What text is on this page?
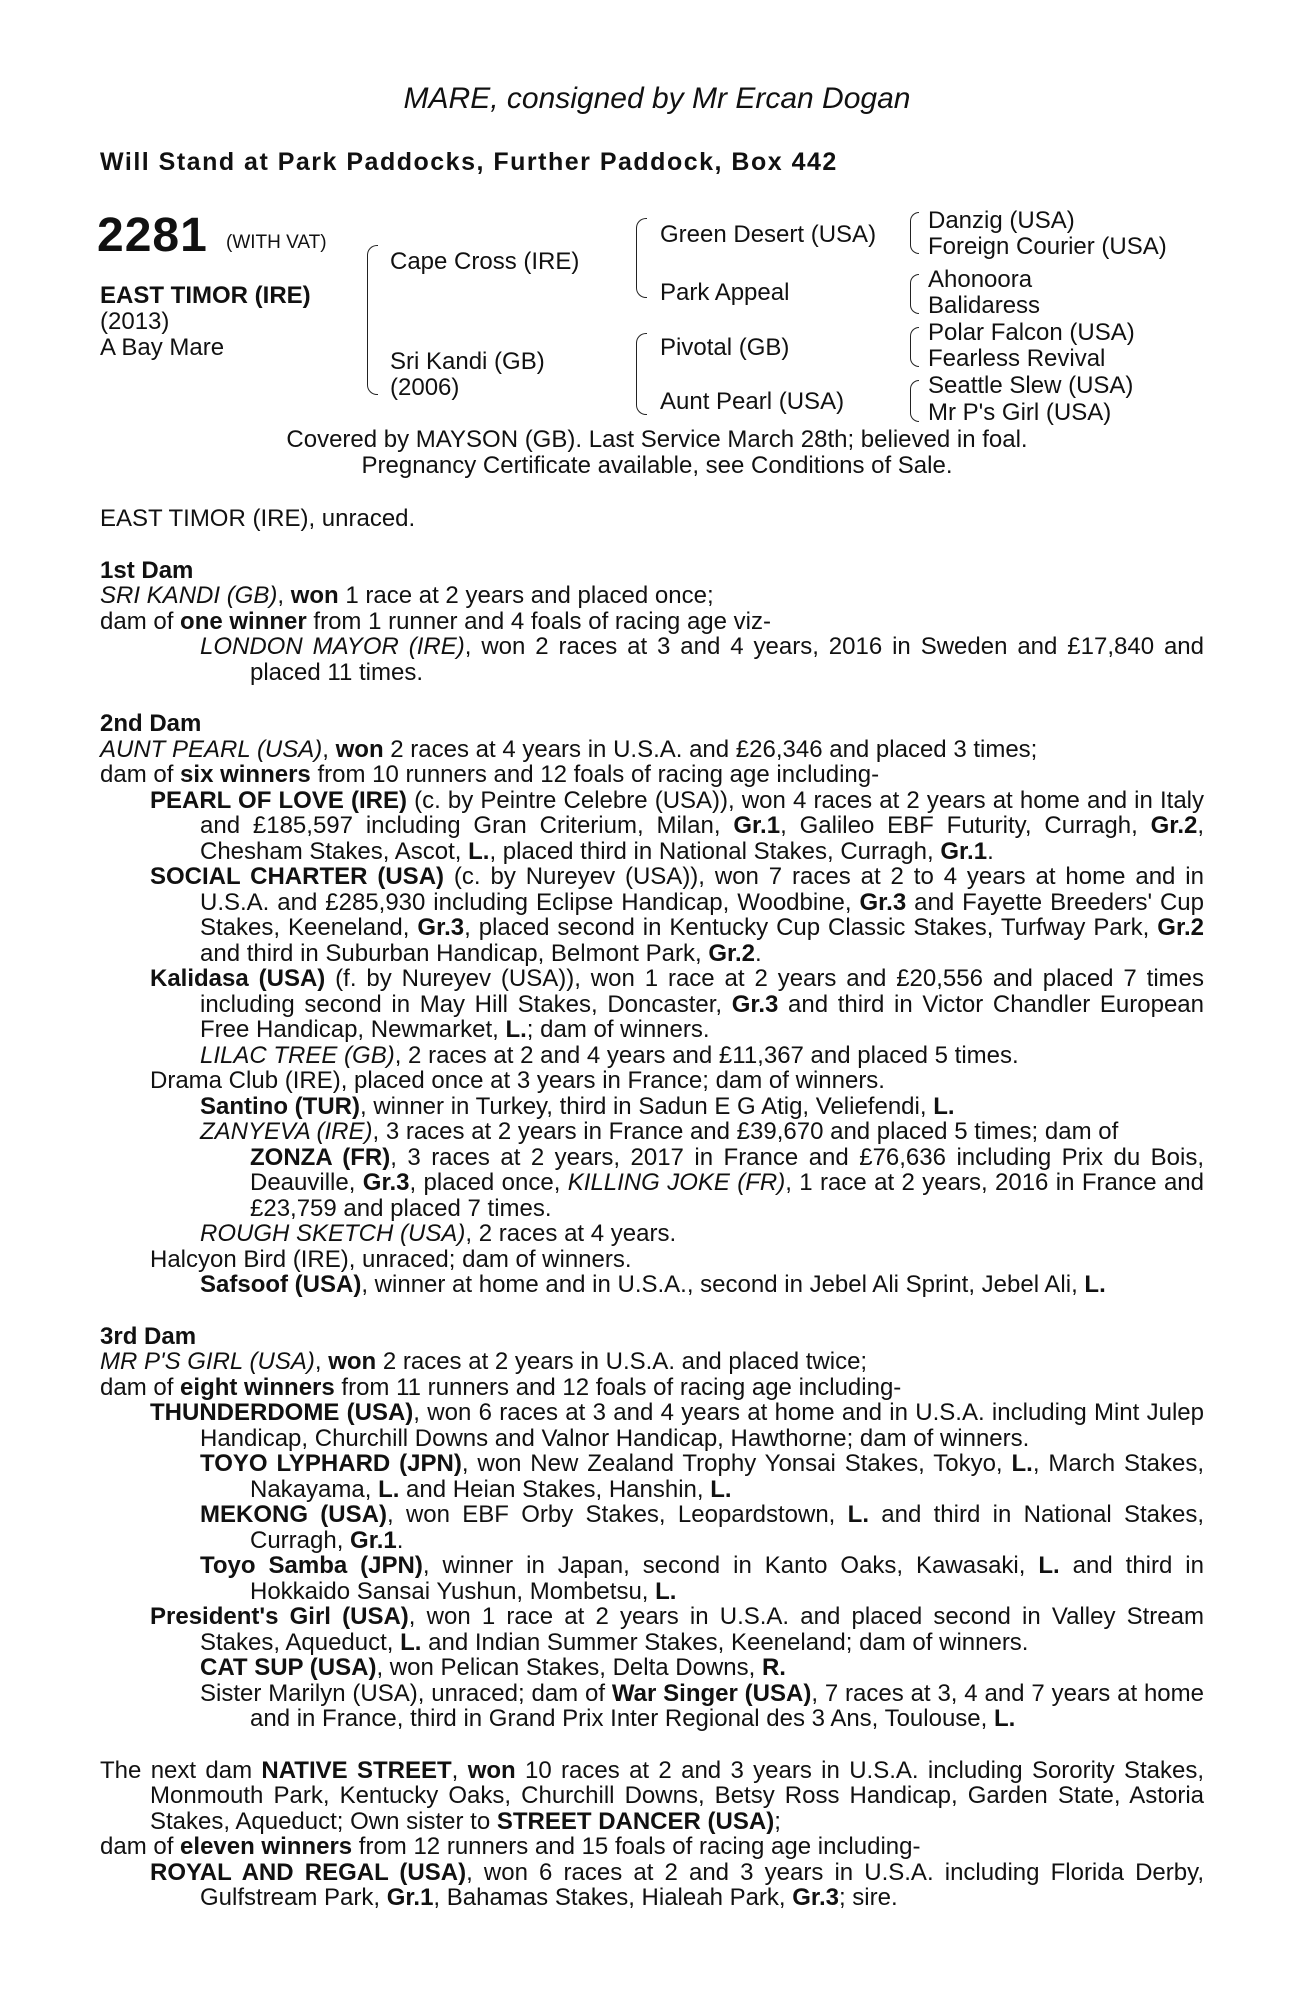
MARE, consigned by Mr Ercan Dogan
Will Stand at Park Paddocks, Further Paddock, Box 442
2281 (WITH VAT)
EAST TIMOR (IRE)
(2013)
A Bay Mare
Cape Cross (IRE)
Sri Kandi (GB)
(2006)
Green Desert (USA)
Park Appeal
Pivotal (GB)
Aunt Pearl (USA)
Danzig (USA)
Foreign Courier (USA)
Ahonoora
Balidaress
Polar Falcon (USA)
Fearless Revival
Seattle Slew (USA)
Mr P's Girl (USA)
Covered by MAYSON (GB). Last Service March 28th; believed in foal.
Pregnancy Certificate available, see Conditions of Sale.

EAST TIMOR (IRE), unraced.

1st Dam

SRI KANDI (GB), won 1 race at 2 years and placed once;

dam of one winner from 1 runner and 4 foals of racing age viz-

LONDON MAYOR (IRE), won 2 races at 3 and 4 years, 2016 in Sweden and £17,840 and placed 11 times.

2nd Dam

AUNT PEARL (USA), won 2 races at 4 years in U.S.A. and £26,346 and placed 3 times;

dam of six winners from 10 runners and 12 foals of racing age including-

PEARL OF LOVE (IRE) (c. by Peintre Celebre (USA)), won 4 races at 2 years at home and in Italy and £185,597 including Gran Criterium, Milan, Gr.1, Galileo EBF Futurity, Curragh, Gr.2, Chesham Stakes, Ascot, L., placed third in National Stakes, Curragh, Gr.1.

SOCIAL CHARTER (USA) (c. by Nureyev (USA)), won 7 races at 2 to 4 years at home and in U.S.A. and £285,930 including Eclipse Handicap, Woodbine, Gr.3 and Fayette Breeders' Cup Stakes, Keeneland, Gr.3, placed second in Kentucky Cup Classic Stakes, Turfway Park, Gr.2 and third in Suburban Handicap, Belmont Park, Gr.2.

Kalidasa (USA) (f. by Nureyev (USA)), won 1 race at 2 years and £20,556 and placed 7 times including second in May Hill Stakes, Doncaster, Gr.3 and third in Victor Chandler European Free Handicap, Newmarket, L.; dam of winners.

LILAC TREE (GB), 2 races at 2 and 4 years and £11,367 and placed 5 times.

Drama Club (IRE), placed once at 3 years in France; dam of winners.

Santino (TUR), winner in Turkey, third in Sadun E G Atig, Veliefendi, L.

ZANYEVA (IRE), 3 races at 2 years in France and £39,670 and placed 5 times; dam of

ZONZA (FR), 3 races at 2 years, 2017 in France and £76,636 including Prix du Bois, Deauville, Gr.3, placed once, KILLING JOKE (FR), 1 race at 2 years, 2016 in France and £23,759 and placed 7 times.

ROUGH SKETCH (USA), 2 races at 4 years.

Halcyon Bird (IRE), unraced; dam of winners.

Safsoof (USA), winner at home and in U.S.A., second in Jebel Ali Sprint, Jebel Ali, L.

3rd Dam

MR P'S GIRL (USA), won 2 races at 2 years in U.S.A. and placed twice;

dam of eight winners from 11 runners and 12 foals of racing age including-

THUNDERDOME (USA), won 6 races at 3 and 4 years at home and in U.S.A. including Mint Julep Handicap, Churchill Downs and Valnor Handicap, Hawthorne; dam of winners.

TOYO LYPHARD (JPN), won New Zealand Trophy Yonsai Stakes, Tokyo, L., March Stakes, Nakayama, L. and Heian Stakes, Hanshin, L.

MEKONG (USA), won EBF Orby Stakes, Leopardstown, L. and third in National Stakes, Curragh, Gr.1.

Toyo Samba (JPN), winner in Japan, second in Kanto Oaks, Kawasaki, L. and third in Hokkaido Sansai Yushun, Mombetsu, L.

President's Girl (USA), won 1 race at 2 years in U.S.A. and placed second in Valley Stream Stakes, Aqueduct, L. and Indian Summer Stakes, Keeneland; dam of winners.

CAT SUP (USA), won Pelican Stakes, Delta Downs, R.

Sister Marilyn (USA), unraced; dam of War Singer (USA), 7 races at 3, 4 and 7 years at home and in France, third in Grand Prix Inter Regional des 3 Ans, Toulouse, L.

The next dam NATIVE STREET, won 10 races at 2 and 3 years in U.S.A. including Sorority Stakes, Monmouth Park, Kentucky Oaks, Churchill Downs, Betsy Ross Handicap, Garden State, Astoria Stakes, Aqueduct; Own sister to STREET DANCER (USA);

dam of eleven winners from 12 runners and 15 foals of racing age including-

ROYAL AND REGAL (USA), won 6 races at 2 and 3 years in U.S.A. including Florida Derby, Gulfstream Park, Gr.1, Bahamas Stakes, Hialeah Park, Gr.3; sire.
